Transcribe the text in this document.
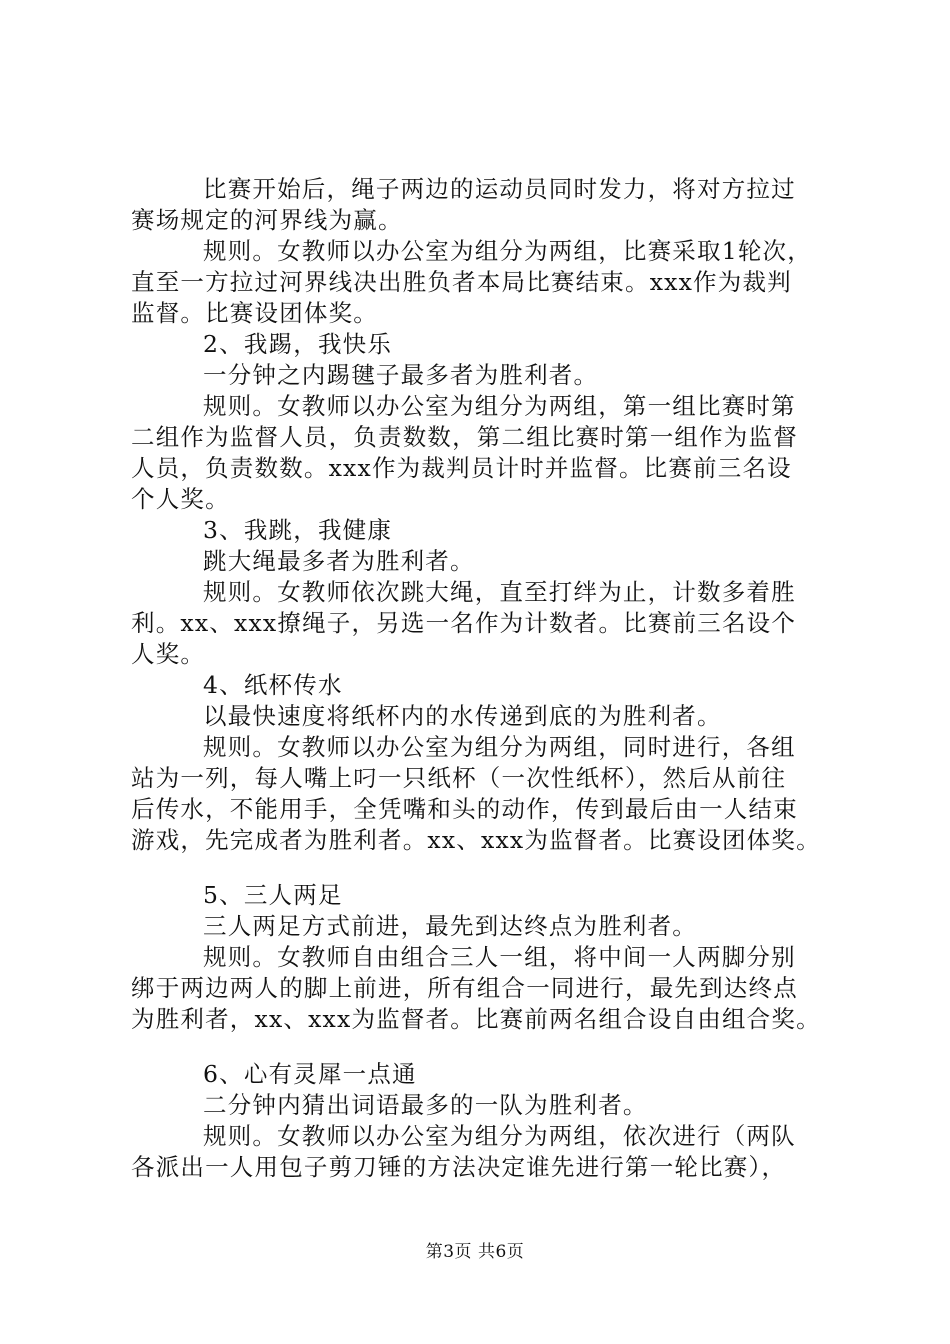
比赛开始后，绳子两边的运动员同时发力，将对方拉过
赛场规定的河界线为赢。
规则。女教师以办公室为组分为两组，比赛采取1轮次，
直至一方拉过河界线决出胜负者本局比赛结束。xxx作为裁判
监督。比赛设团体奖。
2、我踢，我快乐
一分钟之内踢毽子最多者为胜利者。
规则。女教师以办公室为组分为两组，第一组比赛时第
二组作为监督人员，负责数数，第二组比赛时第一组作为监督
人员，负责数数。xxx作为裁判员计时并监督。比赛前三名设
个人奖。
3、我跳，我健康
跳大绳最多者为胜利者。
规则。女教师依次跳大绳，直至打绊为止，计数多着胜
利。xx、xxx撩绳子，另选一名作为计数者。比赛前三名设个
人奖。
4、纸杯传水
以最快速度将纸杯内的水传递到底的为胜利者。
规则。女教师以办公室为组分为两组，同时进行，各组
站为一列，每人嘴上叼一只纸杯（一次性纸杯），然后从前往
后传水，不能用手，全凭嘴和头的动作，传到最后由一人结束
游戏，先完成者为胜利者。xx、xxx为监督者。比赛设团体奖。
5、三人两足
三人两足方式前进，最先到达终点为胜利者。
规则。女教师自由组合三人一组，将中间一人两脚分别
绑于两边两人的脚上前进，所有组合一同进行，最先到达终点
为胜利者，xx、xxx为监督者。比赛前两名组合设自由组合奖。
6、心有灵犀一点通
二分钟内猜出词语最多的一队为胜利者。
规则。女教师以办公室为组分为两组，依次进行（两队
各派出一人用包子剪刀锤的方法决定谁先进行第一轮比赛），
第3页 共6页
